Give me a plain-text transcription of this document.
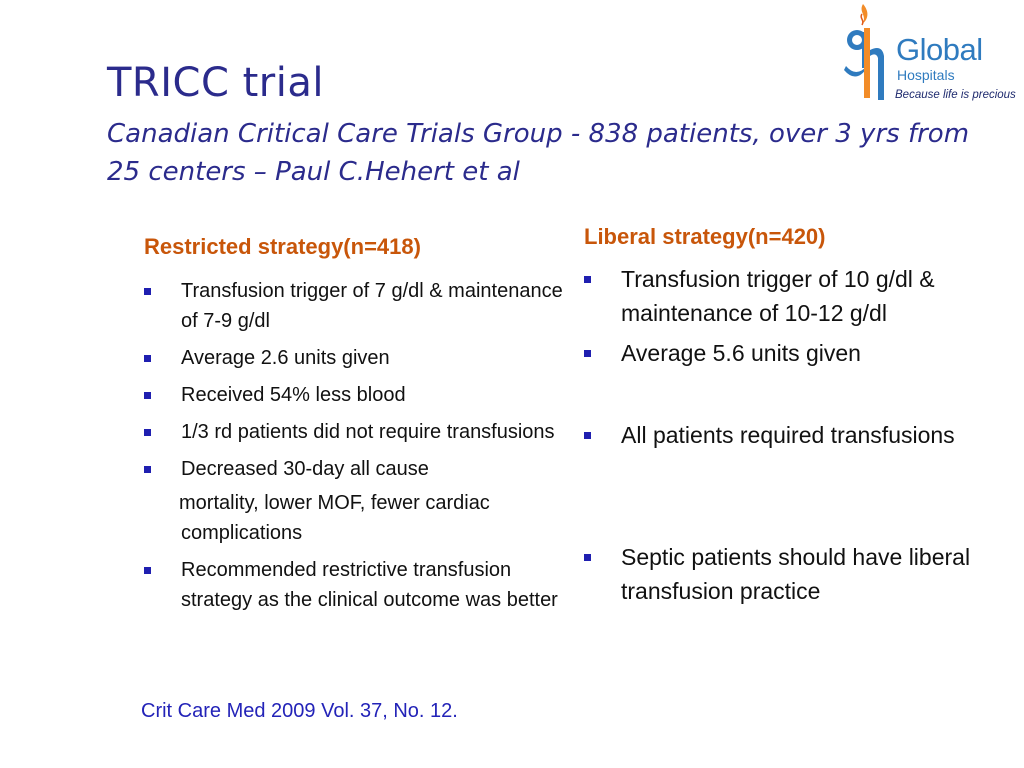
TRICC trial

Canadian Critical Care Trials Group - 838 patients, over 3 yrs from 25 centers – Paul C.Hehert et al

Global
Hospitals
Because life is precious
Restricted strategy(n=418)
Transfusion trigger of 7 g/dl & maintenance of 7-9 g/dl
Average 2.6 units given
Received 54% less blood
1/3 rd patients did not require transfusions
Decreased 30-day all cause
mortality, lower MOF, fewer cardiac complications
Recommended restrictive transfusion strategy as the clinical outcome was better
Liberal strategy(n=420)
Transfusion trigger of 10 g/dl & maintenance of 10-12 g/dl
Average 5.6 units given
All patients required transfusions
Septic patients should have liberal transfusion practice
Crit Care Med 2009 Vol. 37, No. 12.
